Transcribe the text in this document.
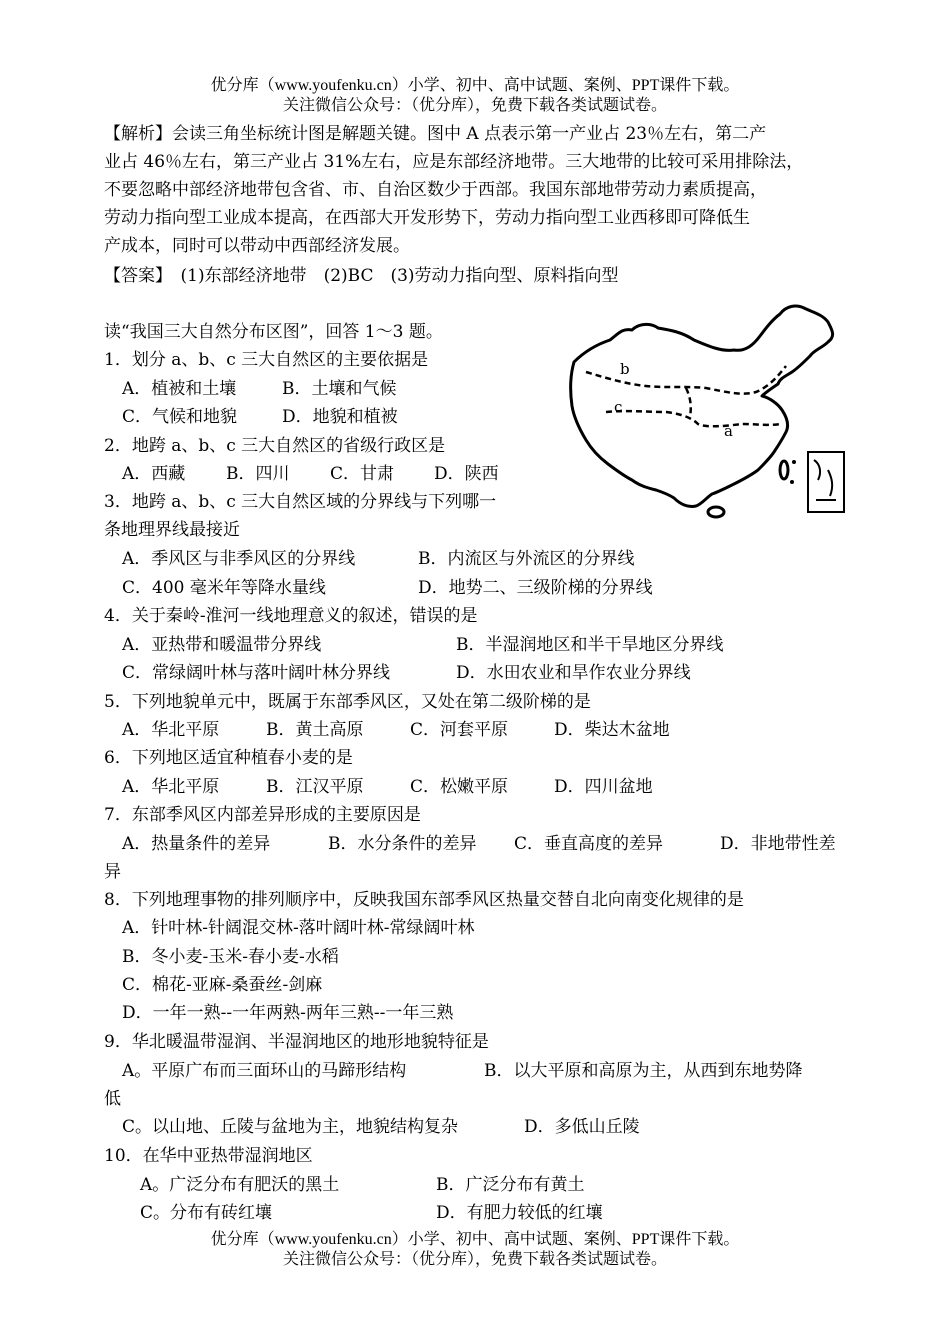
优分库（www.youfenku.cn）小学、初中、高中试题、案例、PPT课件下载。
关注微信公众号：（优分库），免费下载各类试题试卷。
【解析】会读三角坐标统计图是解题关键。图中 A 点表示第一产业占 23％左右，第二产
业占 46％左右，第三产业占 31%左右，应是东部经济地带。三大地带的比较可采用排除法，
不要忽略中部经济地带包含省、市、自治区数少于西部。我国东部地带劳动力素质提高，
劳动力指向型工业成本提高，在西部大开发形势下，劳动力指向型工业西移即可降低生
产成本，同时可以带动中西部经济发展。
【答案】　(1)东部经济地带　(2)BC　(3)劳动力指向型、原料指向型
读“我国三大自然分布区图”，回答 1～3 题。
1．划分 a、b、c 三大自然区的主要依据是
A．植被和土壤	B．土壤和气候
C．气候和地貌	D．地貌和植被
2．地跨 a、b、c 三大自然区的省级行政区是
A．西藏 B．四川 C．甘肃 D．陕西
3．地跨 a、b、c 三大自然区域的分界线与下列哪一
条地理界线最接近
A．季风区与非季风区的分界线	B．内流区与外流区的分界线
C．400 毫米年等降水量线	D．地势二、三级阶梯的分界线
4．关于秦岭-淮河一线地理意义的叙述，错误的是
A．亚热带和暖温带分界线	B．半湿润地区和半干旱地区分界线
C．常绿阔叶林与落叶阔叶林分界线	D．水田农业和旱作农业分界线
5．下列地貌单元中，既属于东部季风区，又处在第二级阶梯的是
A．华北平原	B．黄土高原	C．河套平原	D．柴达木盆地
6．下列地区适宜种植春小麦的是
A．华北平原	B．江汉平原	C．松嫩平原	D．四川盆地
7．东部季风区内部差异形成的主要原因是
A．热量条件的差异	B．水分条件的差异 C．垂直高度的差异	D．非地带性差
异
8．下列地理事物的排列顺序中，反映我国东部季风区热量交替自北向南变化规律的是
A．针叶林-针阔混交林-落叶阔叶林-常绿阔叶林
B．冬小麦-玉米-春小麦-水稻
C．棉花-亚麻-桑蚕丝-剑麻
D．一年一熟--一年两熟-两年三熟--一年三熟
9．华北暖温带湿润、半湿润地区的地形地貌特征是
A。平原广布而三面环山的马蹄形结构	B．以大平原和高原为主，从西到东地势降
低
C。以山地、丘陵与盆地为主，地貌结构复杂	D．多低山丘陵
10．在华中亚热带湿润地区
A。广泛分布有肥沃的黑土	B．广泛分布有黄土
C。分布有砖红壤	D．有肥力较低的红壤
优分库（www.youfenku.cn）小学、初中、高中试题、案例、PPT课件下载。
关注微信公众号：（优分库），免费下载各类试题试卷。
b
c
a
